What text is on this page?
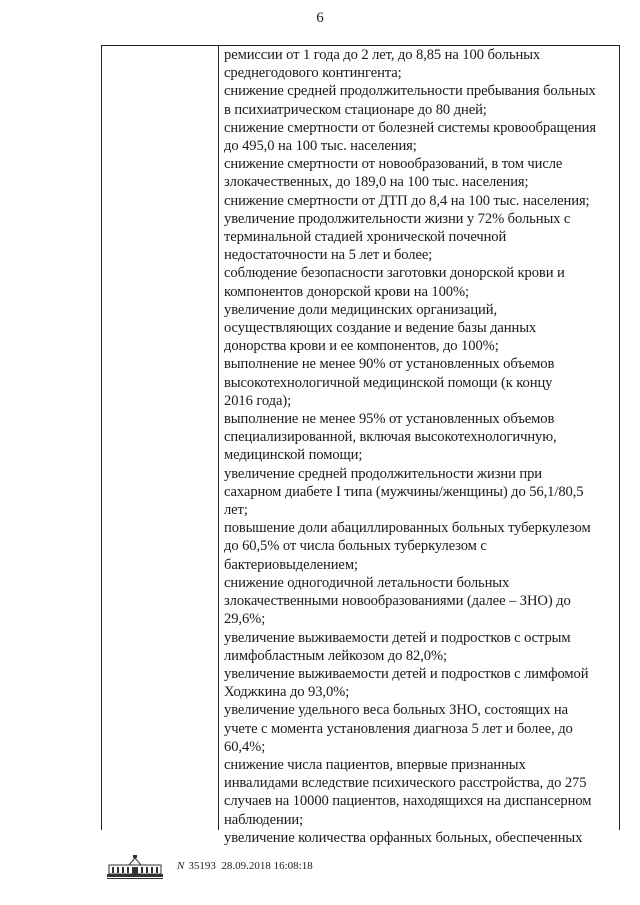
6

ремиссии от 1 года до 2 лет, до 8,85 на 100 больных

среднегодового контингента;

снижение средней продолжительности пребывания больных

в психиатрическом стационаре до 80 дней;

снижение смертности от болезней системы кровообращения

до 495,0 на 100 тыс. населения;

снижение смертности от новообразований, в том числе

злокачественных, до 189,0 на 100 тыс. населения;

снижение смертности от ДТП до 8,4 на 100 тыс. населения;

увеличение продолжительности жизни у 72% больных с

терминальной стадией хронической почечной

недостаточности на 5 лет и более;

соблюдение безопасности заготовки донорской крови и

компонентов донорской крови на 100%;

увеличение доли медицинских организаций,

осуществляющих создание и ведение базы данных

донорства крови и ее компонентов, до 100%;

выполнение не менее 90% от установленных объемов

высокотехнологичной медицинской помощи (к концу

2016 года);

выполнение не менее 95% от установленных объемов

специализированной, включая высокотехнологичную,

медицинской помощи;

увеличение средней продолжительности жизни при

сахарном диабете I типа (мужчины/женщины) до 56,1/80,5

лет;

повышение доли абациллированных больных туберкулезом

до 60,5% от числа больных туберкулезом с

бактериовыделением;

снижение одногодичной летальности больных

злокачественными новообразованиями (далее – ЗНО) до

29,6%;

увеличение выживаемости детей и подростков с острым

лимфобластным лейкозом до 82,0%;

увеличение выживаемости детей и подростков с лимфомой

Ходжкина до 93,0%;

увеличение удельного веса больных ЗНО, состоящих на

учете с момента установления диагноза 5 лет и более, до

60,4%;

снижение числа пациентов, впервые признанных

инвалидами вследствие психического расстройства, до 275

случаев на 10000 пациентов, находящихся на диспансерном

наблюдении;

увеличение количества орфанных больных, обеспеченных

N 35193 28.09.2018 16:08:18
